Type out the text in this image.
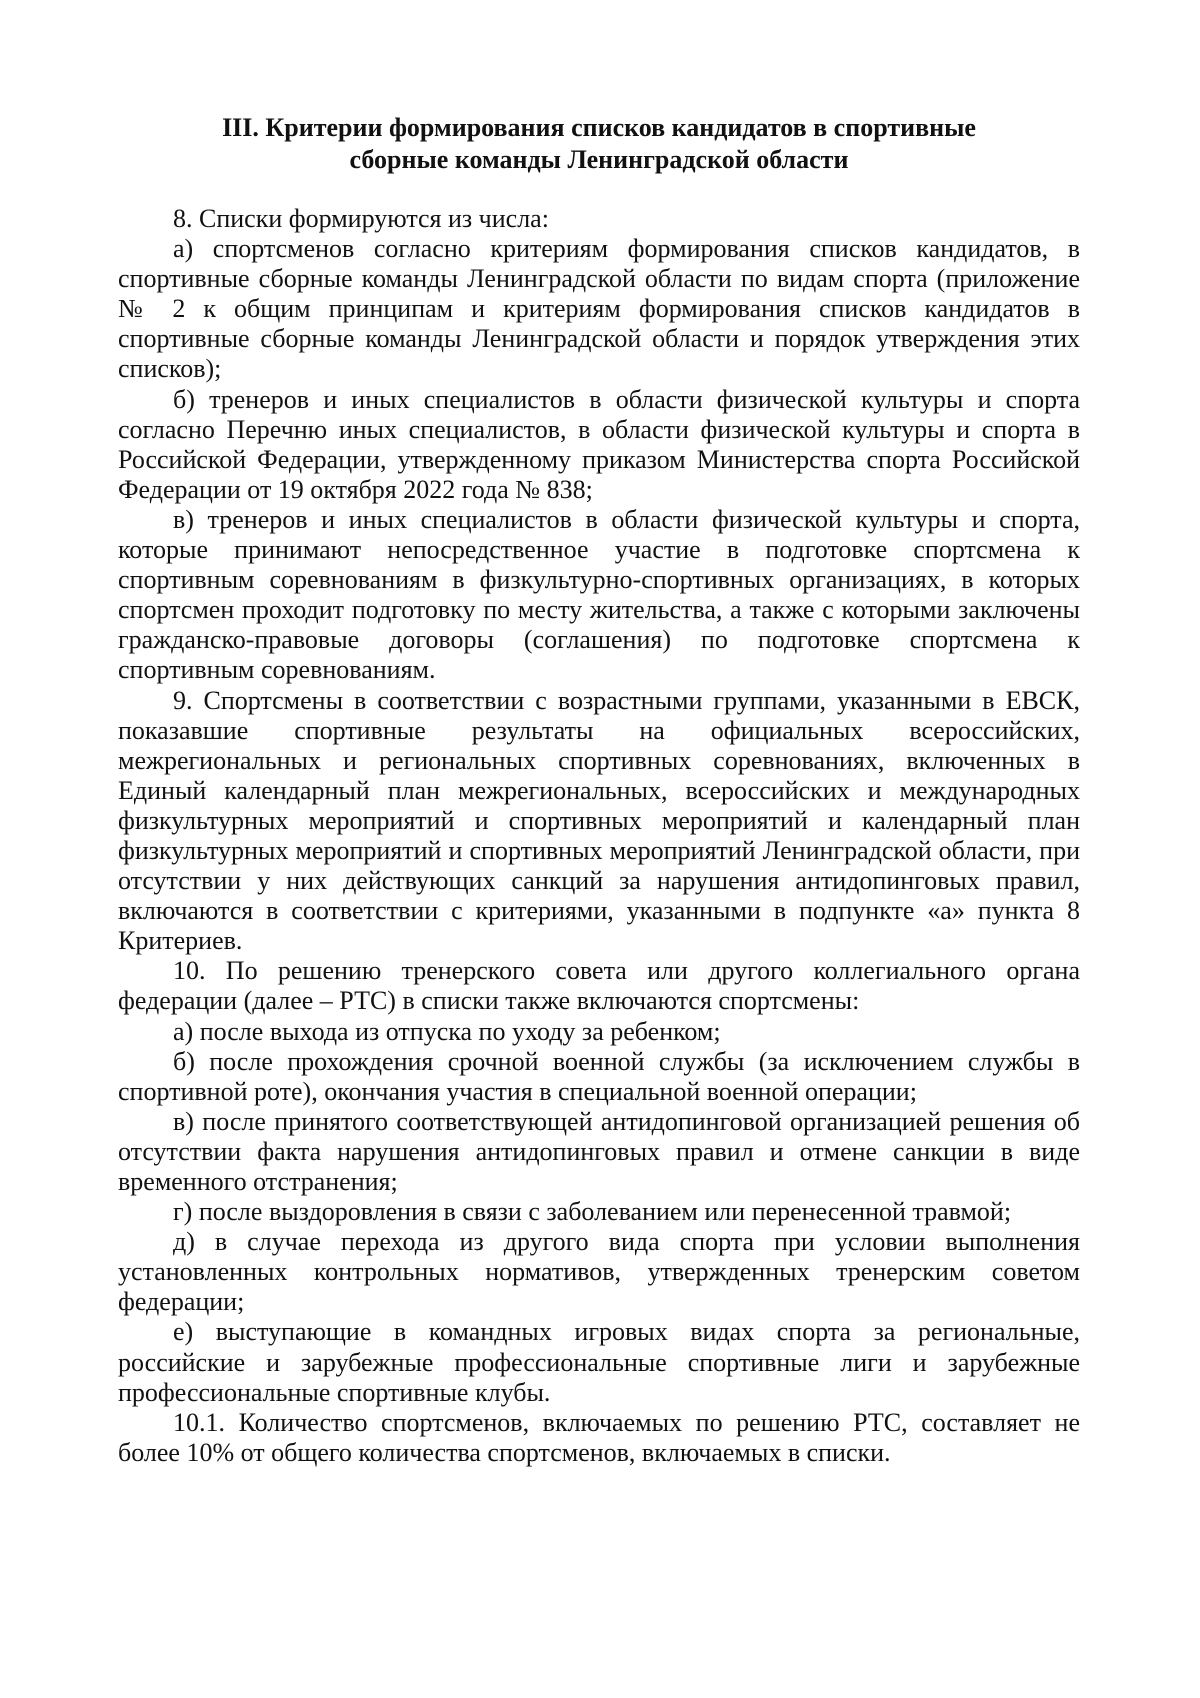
III. Критерии формирования списков кандидатов в спортивные
сборные команды Ленинградской области

8. Списки формируются из числа:

а) спортсменов согласно критериям формирования списков кандидатов, в спортивные сборные команды Ленинградской области по видам спорта (приложение № 2 к общим принципам и критериям формирования списков кандидатов в спортивные сборные команды Ленинградской области и порядок утверждения этих списков);

б) тренеров и иных специалистов в области физической культуры и спорта согласно Перечню иных специалистов, в области физической культуры и спорта в Российской Федерации, утвержденному приказом Министерства спорта Российской Федерации от 19 октября 2022 года № 838;

в) тренеров и иных специалистов в области физической культуры и спорта, которые принимают непосредственное участие в подготовке спортсмена к спортивным соревнованиям в физкультурно-спортивных организациях, в которых спортсмен проходит подготовку по месту жительства, а также с которыми заключены гражданско-правовые договоры (соглашения) по подготовке спортсмена к спортивным соревнованиям.

9. Спортсмены в соответствии с возрастными группами, указанными в ЕВСК, показавшие спортивные результаты на официальных всероссийских, межрегиональных и региональных спортивных соревнованиях, включенных в Единый календарный план межрегиональных, всероссийских и международных физкультурных мероприятий и спортивных мероприятий и календарный план физкультурных мероприятий и спортивных мероприятий Ленинградской области, при отсутствии у них действующих санкций за нарушения антидопинговых правил, включаются в соответствии с критериями, указанными в подпункте «а» пункта 8 Критериев.

10. По решению тренерского совета или другого коллегиального органа федерации (далее – РТС) в списки также включаются спортсмены:

а) после выхода из отпуска по уходу за ребенком;

б) после прохождения срочной военной службы (за исключением службы в спортивной роте), окончания участия в специальной военной операции;

в) после принятого соответствующей антидопинговой организацией решения об отсутствии факта нарушения антидопинговых правил и отмене санкции в виде временного отстранения;

г) после выздоровления в связи с заболеванием или перенесенной травмой;

д) в случае перехода из другого вида спорта при условии выполнения установленных контрольных нормативов, утвержденных тренерским советом федерации;

е) выступающие в командных игровых видах спорта за региональные, российские и зарубежные профессиональные спортивные лиги и зарубежные профессиональные спортивные клубы.

10.1. Количество спортсменов, включаемых по решению РТС, составляет не более 10% от общего количества спортсменов, включаемых в списки.
